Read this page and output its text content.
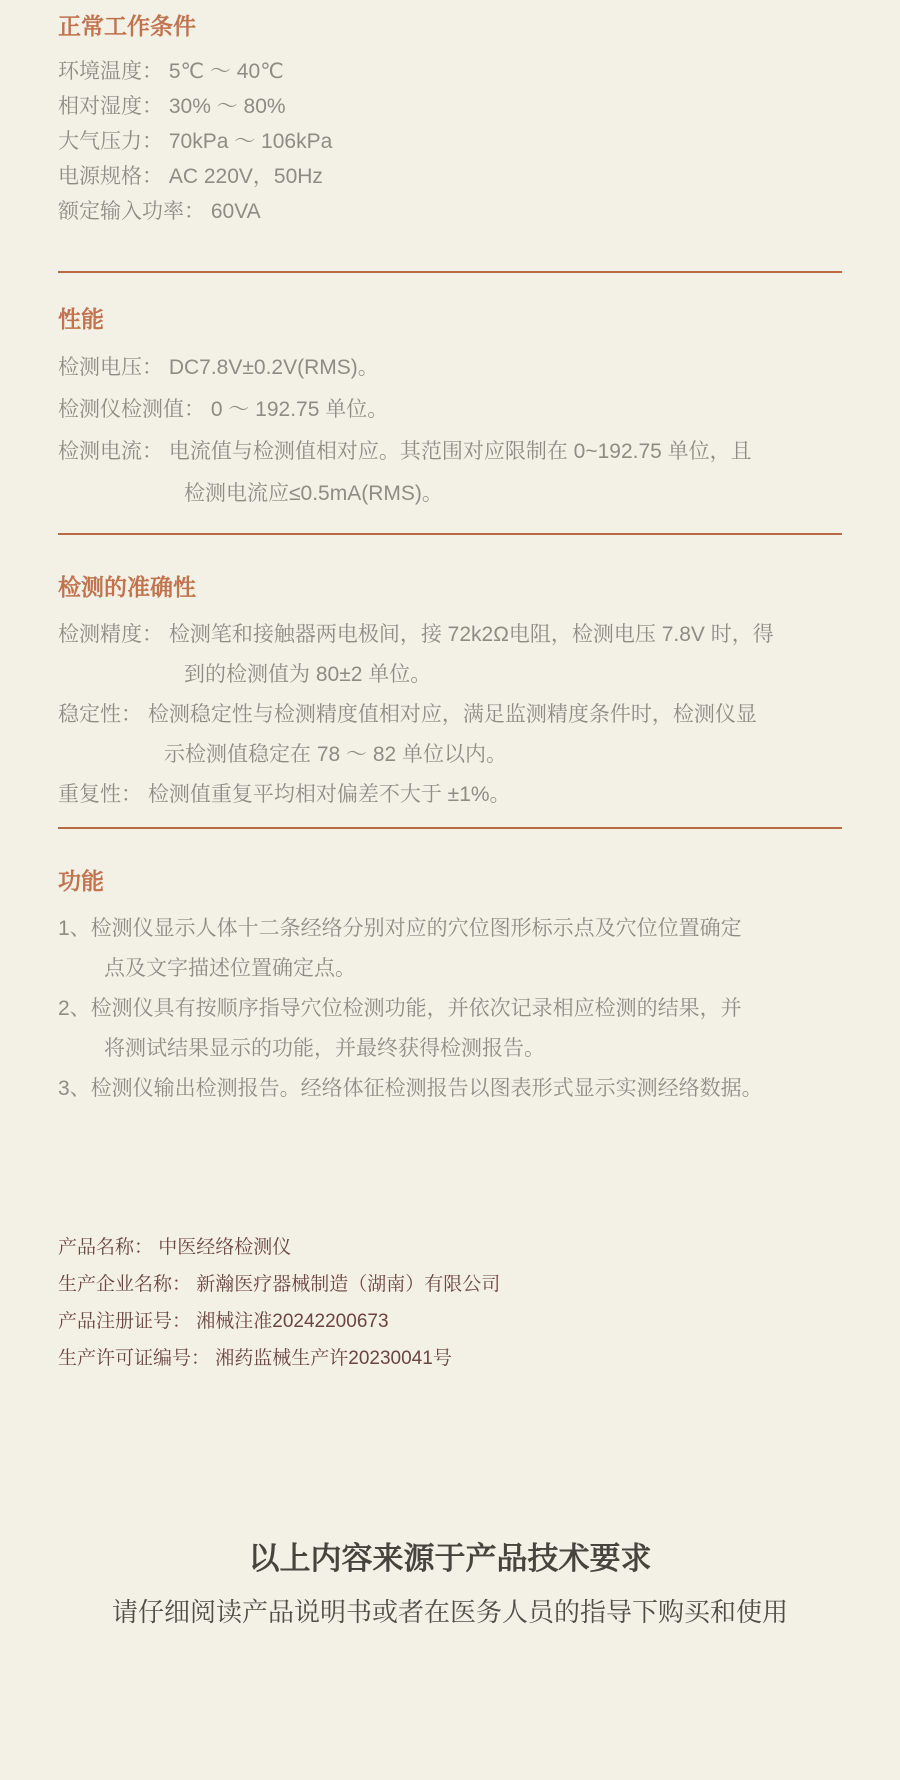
正常工作条件
环境温度： 5℃ ～ 40℃
相对湿度： 30% ～ 80%
大气压力： 70kPa ～ 106kPa
电源规格： AC 220V，50Hz
额定输入功率： 60VA
性能
检测电压： DC7.8V±0.2V(RMS)。
检测仪检测值： 0 ～ 192.75 单位。
检测电流： 电流值与检测值相对应。其范围对应限制在 0~192.75 单位，且
检测电流应≤0.5mA(RMS)。
检测的准确性
检测精度： 检测笔和接触器两电极间，接 72k2Ω电阻，检测电压 7.8V 时，得
到的检测值为 80±2 单位。
稳定性： 检测稳定性与检测精度值相对应，满足监测精度条件时，检测仪显
示检测值稳定在 78 ～ 82 单位以内。
重复性： 检测值重复平均相对偏差不大于 ±1%。
功能
1、检测仪显示人体十二条经络分别对应的穴位图形标示点及穴位位置确定
点及文字描述位置确定点。
2、检测仪具有按顺序指导穴位检测功能，并依次记录相应检测的结果，并
将测试结果显示的功能，并最终获得检测报告。
3、检测仪输出检测报告。经络体征检测报告以图表形式显示实测经络数据。
产品名称： 中医经络检测仪
生产企业名称： 新瀚医疗器械制造（湖南）有限公司
产品注册证号： 湘械注准20242200673
生产许可证编号： 湘药监械生产许20230041号
以上内容来源于产品技术要求
请仔细阅读产品说明书或者在医务人员的指导下购买和使用
